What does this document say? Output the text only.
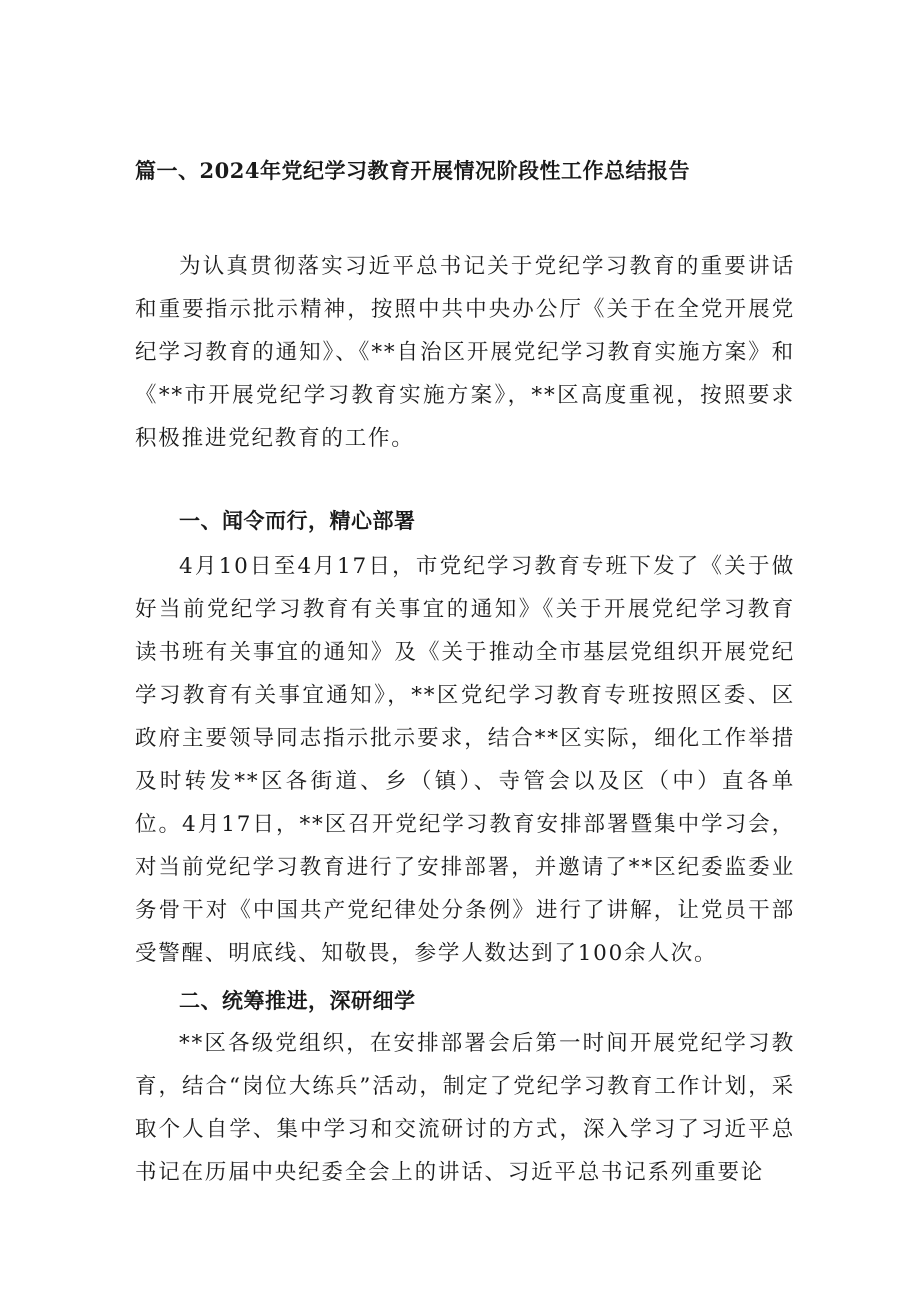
篇一、2024年党纪学习教育开展情况阶段性工作总结报告
为认真贯彻落实习近平总书记关于党纪学习教育的重要讲话和重要指示批示精神，按照中共中央办公厅《关于在全党开展党纪学习教育的通知》、《**自治区开展党纪学习教育实施方案》和《**市开展党纪学习教育实施方案》，**区高度重视，按照要求积极推进党纪教育的工作。
一、闻令而行，精心部署
4月10日至4月17日，市党纪学习教育专班下发了《关于做好当前党纪学习教育有关事宜的通知》《关于开展党纪学习教育读书班有关事宜的通知》及《关于推动全市基层党组织开展党纪学习教育有关事宜通知》，**区党纪学习教育专班按照区委、区政府主要领导同志指示批示要求，结合**区实际，细化工作举措及时转发**区各街道、乡（镇）、寺管会以及区（中）直各单位。4月17日，**区召开党纪学习教育安排部署暨集中学习会，对当前党纪学习教育进行了安排部署，并邀请了**区纪委监委业务骨干对《中国共产党纪律处分条例》进行了讲解，让党员干部受警醒、明底线、知敬畏，参学人数达到了100余人次。
二、统筹推进，深研细学
**区各级党组织，在安排部署会后第一时间开展党纪学习教育，结合“岗位大练兵”活动，制定了党纪学习教育工作计划，采取个人自学、集中学习和交流研讨的方式，深入学习了习近平总书记在历届中央纪委全会上的讲话、习近平总书记系列重要论
